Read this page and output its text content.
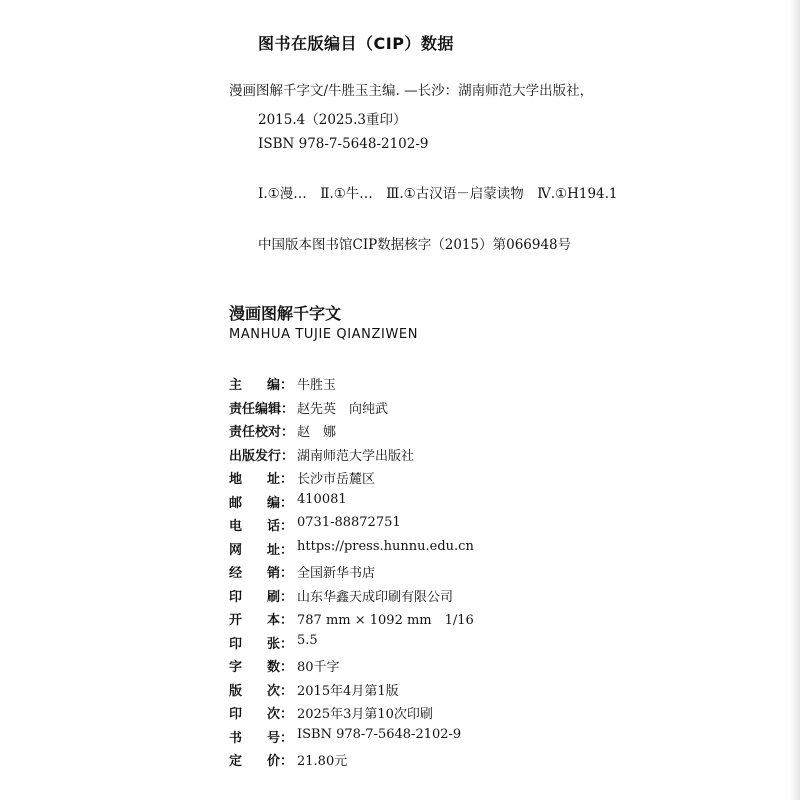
图书在版编目（CIP）数据
漫画图解千字文/牛胜玉主编. —长沙：湖南师范大学出版社，
2015.4（2025.3重印）
ISBN 978-7-5648-2102-9
Ⅰ.①漫…　Ⅱ.①牛…　Ⅲ.①古汉语－启蒙读物　Ⅳ.①H194.1
中国版本图书馆CIP数据核字（2015）第066948号
漫画图解千字文
MANHUA TUJIE QIANZIWEN
主 编： 牛胜玉
责 任 编 辑： 赵先英　向纯武
责 任 校 对： 赵　娜
出 版 发 行： 湖南师范大学出版社
地 址： 长沙市岳麓区
邮 编： 410081
电 话： 0731-88872751
网 址： https://press.hunnu.edu.cn
经 销： 全国新华书店
印 刷： 山东华鑫天成印刷有限公司
开 本： 787 mm × 1092 mm　1/16
印 张： 5.5
字 数： 80千字
版 次： 2015年4月第1版
印 次： 2025年3月第10次印刷
书 号： ISBN 978-7-5648-2102-9
定 价： 21.80元
